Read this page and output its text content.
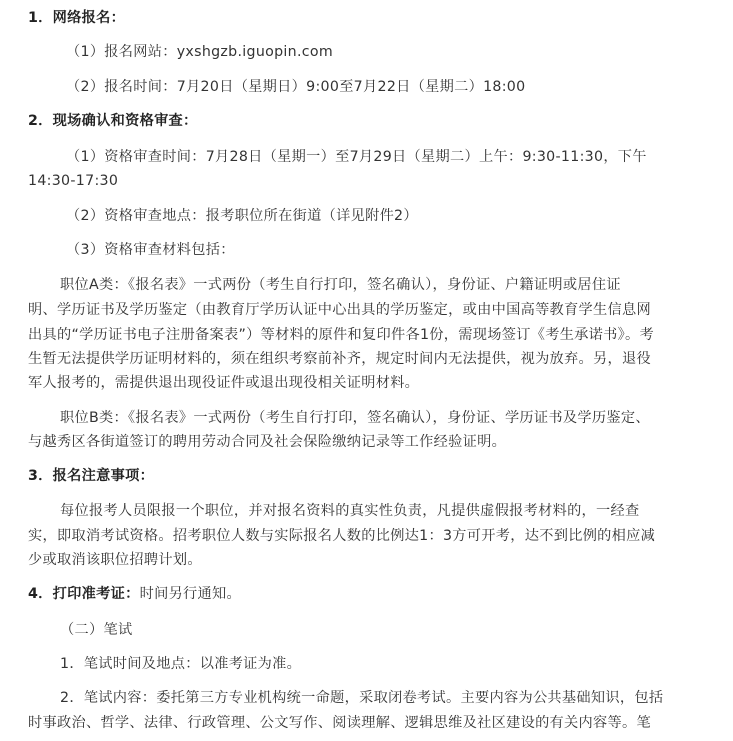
1．网络报名：
（1）报名网站：yxshgzb.iguopin.com
（2）报名时间：7月20日（星期日）9:00至7月22日（星期二）18:00
2．现场确认和资格审查：
（1）资格审查时间：7月28日（星期一）至7月29日（星期二）上午：9:30-11:30，下午
14:30-17:30
（2）资格审查地点：报考职位所在街道（详见附件2）
（3）资格审查材料包括：
职位A类：《报名表》一式两份（考生自行打印，签名确认），身份证、户籍证明或居住证
明、学历证书及学历鉴定（由教育厅学历认证中心出具的学历鉴定，或由中国高等教育学生信息网
出具的“学历证书电子注册备案表”）等材料的原件和复印件各1份，需现场签订《考生承诺书》。考
生暂无法提供学历证明材料的，须在组织考察前补齐，规定时间内无法提供，视为放弃。另，退役
军人报考的，需提供退出现役证件或退出现役相关证明材料。
职位B类：《报名表》一式两份（考生自行打印，签名确认），身份证、学历证书及学历鉴定、
与越秀区各街道签订的聘用劳动合同及社会保险缴纳记录等工作经验证明。
3．报名注意事项：
每位报考人员限报一个职位，并对报名资料的真实性负责，凡提供虚假报考材料的，一经查
实，即取消考试资格。招考职位人数与实际报名人数的比例达1：3方可开考，达不到比例的相应减
少或取消该职位招聘计划。
4．打印准考证：时间另行通知。
（二）笔试
1．笔试时间及地点：以准考证为准。
2．笔试内容：委托第三方专业机构统一命题，采取闭卷考试。主要内容为公共基础知识，包括
时事政治、哲学、法律、行政管理、公文写作、阅读理解、逻辑思维及社区建设的有关内容等。笔
